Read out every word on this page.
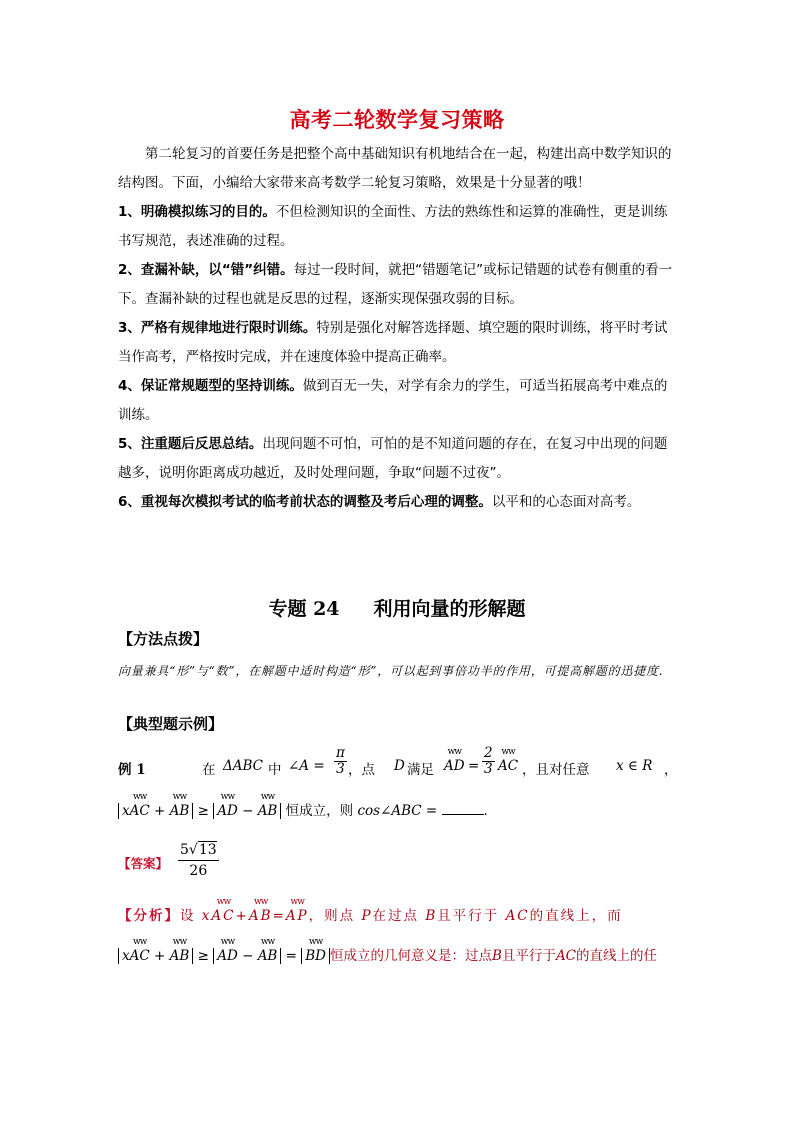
高考二轮数学复习策略
第二轮复习的首要任务是把整个高中基础知识有机地结合在一起，构建出高中数学知识的结构图。下面，小编给大家带来高考数学二轮复习策略，效果是十分显著的哦！
1、明确模拟练习的目的。不但检测知识的全面性、方法的熟练性和运算的准确性，更是训练书写规范，表述准确的过程。
2、查漏补缺，以“错”纠错。每过一段时间，就把“错题笔记”或标记错题的试卷有侧重的看一下。查漏补缺的过程也就是反思的过程，逐渐实现保强攻弱的目标。
3、严格有规律地进行限时训练。特别是强化对解答选择题、填空题的限时训练，将平时考试当作高考，严格按时完成，并在速度体验中提高正确率。
4、保证常规题型的坚持训练。做到百无一失，对学有余力的学生，可适当拓展高考中难点的训练。
5、注重题后反思总结。出现问题不可怕，可怕的是不知道问题的存在，在复习中出现的问题越多，说明你距离成功越近，及时处理问题，争取“问题不过夜”。
6、重视每次模拟考试的临考前状态的调整及考后心理的调整。以平和的心态面对高考。
专题 24 利用向量的形解题
【方法点拨】
向量兼具“形”与“数”，在解题中适时构造“形”，可以起到事倍功半的作用，可提高解题的迅捷度.
【典型题示例】
例 1	在 ΔABC 中 ∠A = $\frac{\pi}{3}$ ，点 D 满足 ww AD = $\frac{2}{3}$ ww AC ，且对任意 x ∈ R ，
xww AC + ww AB ≥ ww AD − ww AB 恒成立，则 cos∠ABC =	.
【答案】 $\frac{5√13}{26}$
【分析】设 xww AC+ww AB=ww AP，则点 P在过点 B且平行于 AC的直线上，而
xww AC + ww AB ≥ ww AD − ww AB = ww BD 恒成立的几何意义是：过点B且平行于AC的直线上的任
